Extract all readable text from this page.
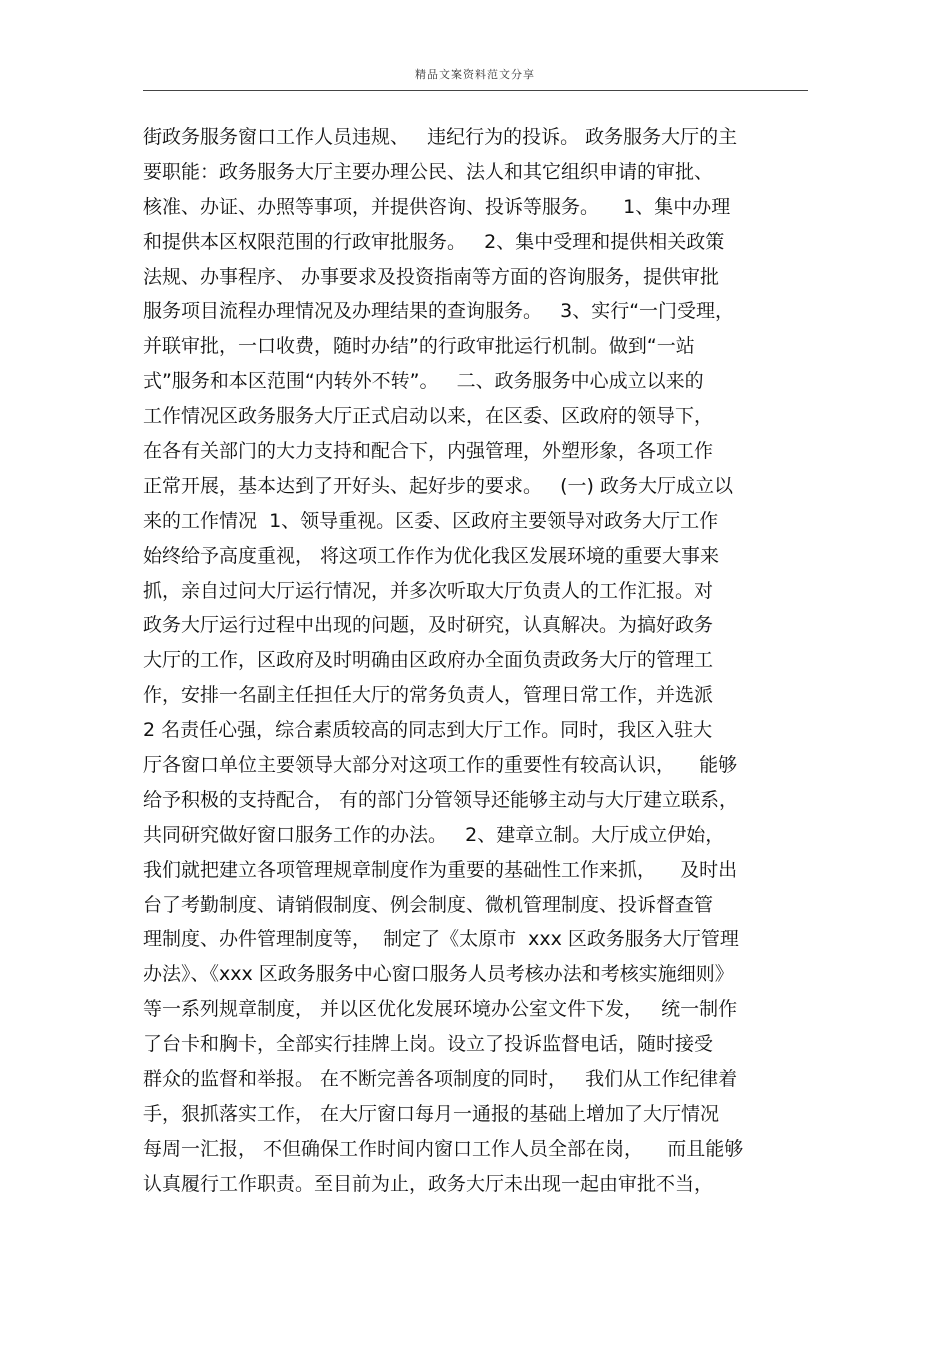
精品文案资料范文分享
街政务服务窗口工作人员违规、   违纪行为的投诉。 政务服务大厅的主
要职能：政务服务大厅主要办理公民、法人和其它组织申请的审批、
核准、办证、办照等事项，并提供咨询、投诉等服务。    1、集中办理
和提供本区权限范围的行政审批服务。   2、集中受理和提供相关政策
法规、办事程序、 办事要求及投资指南等方面的咨询服务，提供审批
服务项目流程办理情况及办理结果的查询服务。   3、实行“一门受理，
并联审批，一口收费，随时办结”的行政审批运行机制。做到“一站
式”服务和本区范围“内转外不转”。   二、政务服务中心成立以来的
工作情况区政务服务大厅正式启动以来，在区委、区政府的领导下，
在各有关部门的大力支持和配合下，内强管理，外塑形象，各项工作
正常开展，基本达到了开好头、起好步的要求。   (一) 政务大厅成立以
来的工作情况  1、领导重视。区委、区政府主要领导对政务大厅工作
始终给予高度重视， 将这项工作作为优化我区发展环境的重要大事来
抓，亲自过问大厅运行情况，并多次听取大厅负责人的工作汇报。对
政务大厅运行过程中出现的问题，及时研究，认真解决。为搞好政务
大厅的工作，区政府及时明确由区政府办全面负责政务大厅的管理工
作，安排一名副主任担任大厅的常务负责人，管理日常工作，并选派
2 名责任心强，综合素质较高的同志到大厅工作。同时，我区入驻大
厅各窗口单位主要领导大部分对这项工作的重要性有较高认识，    能够
给予积极的支持配合， 有的部门分管领导还能够主动与大厅建立联系，
共同研究做好窗口服务工作的办法。   2、建章立制。大厅成立伊始，
我们就把建立各项管理规章制度作为重要的基础性工作来抓，    及时出
台了考勤制度、请销假制度、例会制度、微机管理制度、投诉督查管
理制度、办件管理制度等，  制定了《太原市  xxx 区政务服务大厅管理
办法》、《xxx 区政务服务中心窗口服务人员考核办法和考核实施细则》
等一系列规章制度， 并以区优化发展环境办公室文件下发，   统一制作
了台卡和胸卡，全部实行挂牌上岗。设立了投诉监督电话，随时接受
群众的监督和举报。 在不断完善各项制度的同时，   我们从工作纪律着
手，狠抓落实工作， 在大厅窗口每月一通报的基础上增加了大厅情况
每周一汇报， 不但确保工作时间内窗口工作人员全部在岗，    而且能够
认真履行工作职责。至目前为止，政务大厅未出现一起由审批不当，
